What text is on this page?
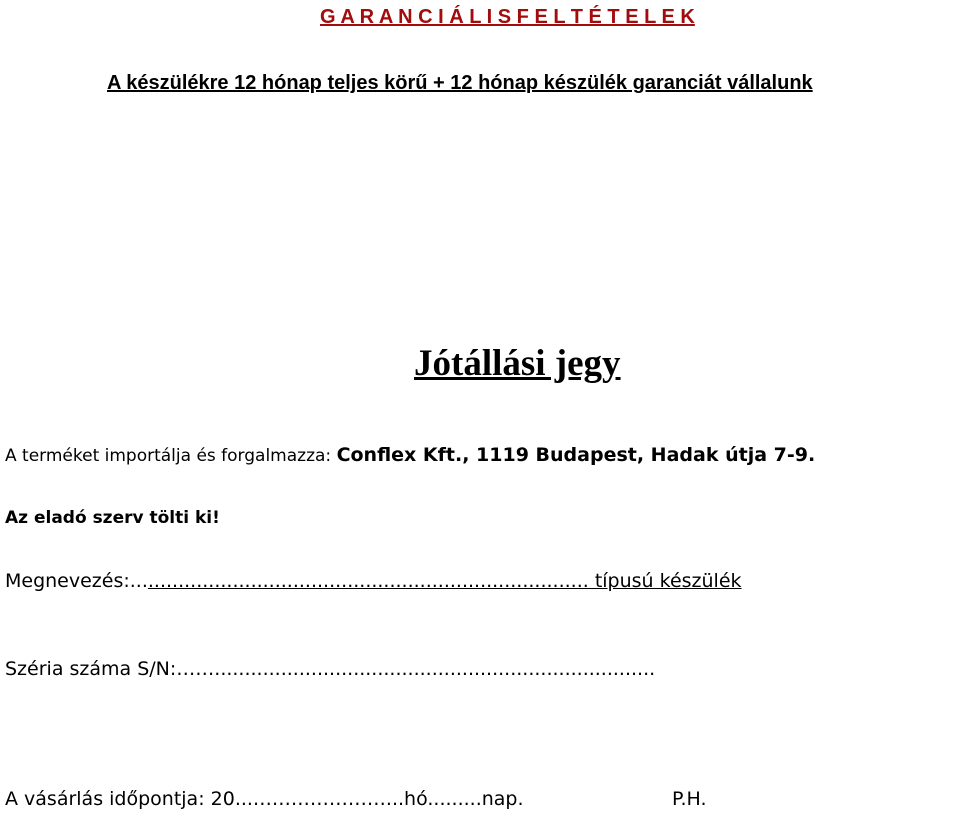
G A R A N C I Á L I S F E L T É T E L E K
A készülékre 12 hónap teljes körű + 12 hónap készülék garanciát vállalunk
Jótállási jegy
A terméket importálja és forgalmazza: Conflex Kft., 1119 Budapest, Hadak útja 7-9.
Az eladó szerv tölti ki!
Megnevezés:............................................................................ típusú készülék
Széria száma S/N:…….........................................................................
A vásárlás időpontja: 20...…………………...hó.........nap.	P.H.
